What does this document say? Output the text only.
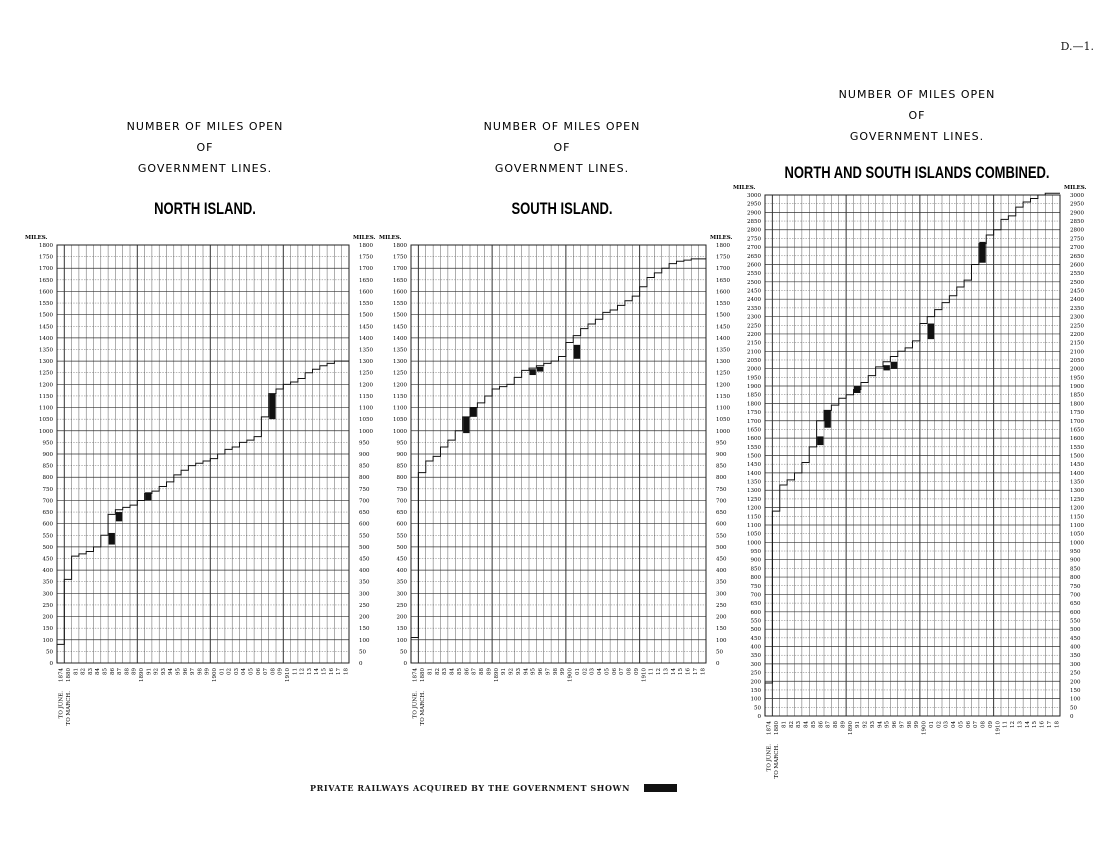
D.—1.
NUMBER OF MILES OPEN
OF
GOVERNMENT LINES.
NORTH ISLAND.
MILES.	MILES.
0	0
50	50
100	100
150	150
200	200
250	250
300	300
350	350
400	400
450	450
500	500
550	550
600	600
650	650
700	700
750	750
800	800
850	850
900	900
950	950
1000	1000
1050	1050
1100	1100
1150	1150
1200	1200
1250	1250
1300	1300
1350	1350
1400	1400
1450	1450
1500	1500
1550	1550
1600	1600
1650	1650
1700	1700
1750	1750
1800	1800
1874 1880 81 82 83 84 85 86 87 88 89 1890 91 92 93 94 95 96 97 98 99 1900 01 02 03 04 05 06 07 08 09 1910 11 12 13 14 15 16 17 18
TO JUNE. TO MARCH.
NUMBER OF MILES OPEN
OF
GOVERNMENT LINES.
SOUTH ISLAND.
MILES.	MILES.
0	0
50	50
100	100
150	150
200	200
250	250
300	300
350	350
400	400
450	450
500	500
550	550
600	600
650	650
700	700
750	750
800	800
850	850
900	900
950	950
1000	1000
1050	1050
1100	1100
1150	1150
1200	1200
1250	1250
1300	1300
1350	1350
1400	1400
1450	1450
1500	1500
1550	1550
1600	1600
1650	1650
1700	1700
1750	1750
1800	1800
1874 1880 81 82 83 84 85 86 87 88 89 1890 91 92 93 94 95 96 97 98 99 1900 01 02 03 04 05 06 07 08 09 1910 11 12 13 14 15 16 17 18
TO JUNE. TO MARCH.
NUMBER OF MILES OPEN
OF
GOVERNMENT LINES.
NORTH AND SOUTH ISLANDS COMBINED.
MILES.	MILES.
0	0
50	50
100	100
150	150
200	200
250	250
300	300
350	350
400	400
450	450
500	500
550	550
600	600
650	650
700	700
750	750
800	800
850	850
900	900
950	950
1000	1000
1050	1050
1100	1100
1150	1150
1200	1200
1250	1250
1300	1300
1350	1350
1400	1400
1450	1450
1500	1500
1550	1550
1600	1600
1650	1650
1700	1700
1750	1750
1800	1800
1850	1850
1900	1900
1950	1950
2000	2000
2050	2050
2100	2100
2150	2150
2200	2200
2250	2250
2300	2300
2350	2350
2400	2400
2450	2450
2500	2500
2550	2550
2600	2600
2650	2650
2700	2700
2750	2750
2800	2800
2850	2850
2900	2900
2950	2950
3000	3000
1874 1880 81 82 83 84 85 86 87 88 89 1890 91 92 93 94 95 96 97 98 99 1900 01 02 03 04 05 06 07 08 09 1910 11 12 13 14 15 16 17 18
TO JUNE. TO MARCH.
PRIVATE RAILWAYS ACQUIRED BY THE GOVERNMENT SHOWN
